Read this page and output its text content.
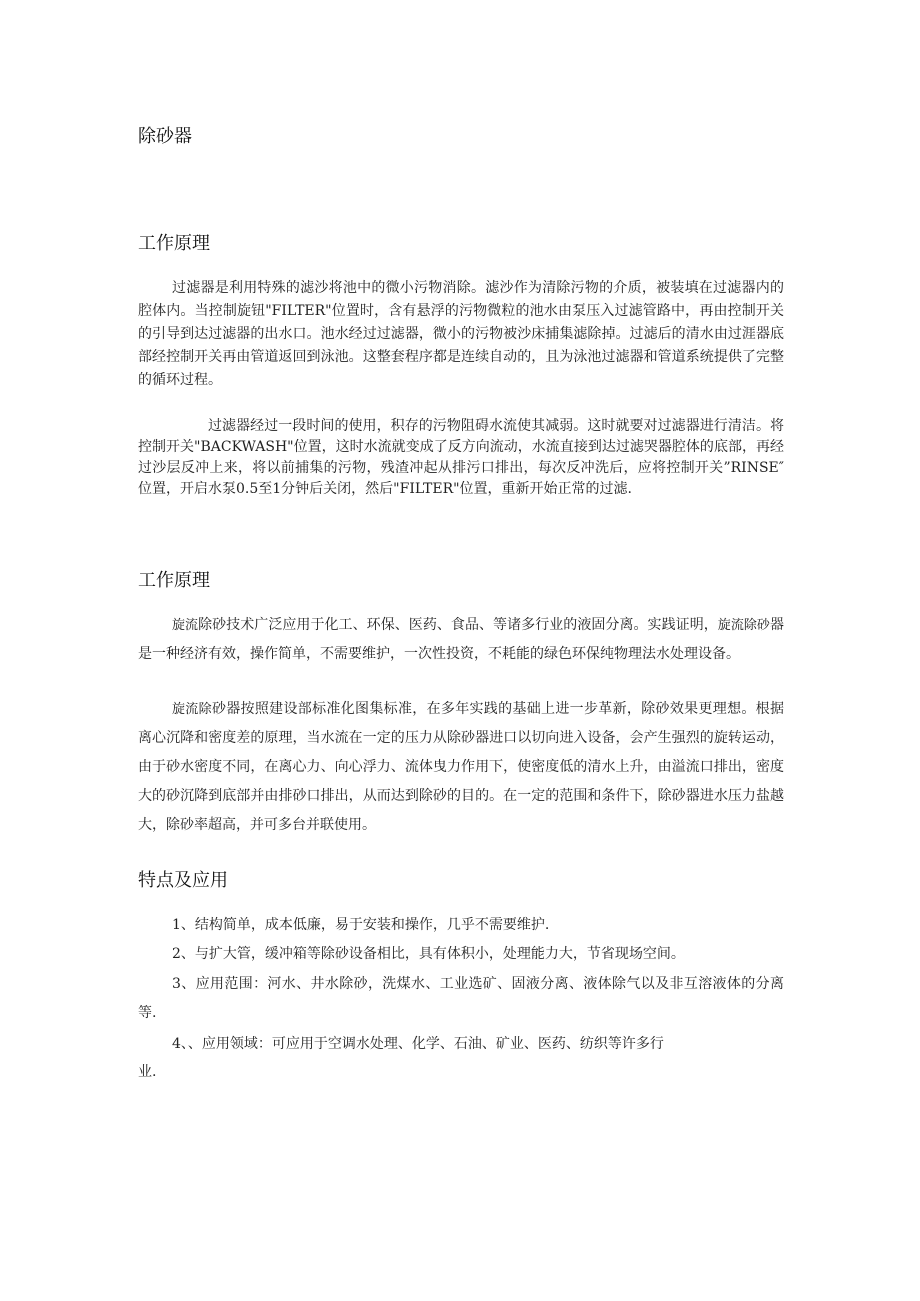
除砂器
工作原理

过滤器是利用特殊的滤沙将池中的微小污物消除。滤沙作为清除污物的介质，被装填在过滤器内的腔体内。当控制旋钮"FILTER"位置时，含有悬浮的污物微粒的池水由泵压入过滤管路中，再由控制开关的引导到达过滤器的出水口。池水经过过滤器，微小的污物被沙床捕集滤除掉。过滤后的清水由过涯器底部经控制开关再由管道返回到泳池。这整套程序都是连续自动的，且为泳池过滤器和管道系统提供了完整的循环过程。

过滤器经过一段时间的使用，积存的污物阻碍水流使其减弱。这时就要对过滤器进行清洁。将控制开关"BACKWASH"位置，这时水流就变成了反方向流动，水流直接到达过滤哭器腔体的底部，再经过沙层反冲上来，将以前捕集的污物，残渣冲起从排污口排出，每次反冲洗后，应将控制开关”RINSE″位置，开启水泵0.5至1分钟后关闭，然后"FILTER"位置，重新开始正常的过滤.

工作原理

旋流除砂技术广泛应用于化工、环保、医药、食品、等诸多行业的液固分离。实践证明，旋流除砂器是一种经济有效，操作简单，不需要维护，一次性投资，不耗能的绿色环保纯物理法水处理设备。

旋流除砂器按照建设部标准化图集标准，在多年实践的基础上进一步革新，除砂效果更理想。根据离心沉降和密度差的原理，当水流在一定的压力从除砂器进口以切向进入设备，会产生强烈的旋转运动，由于砂水密度不同，在离心力、向心浮力、流体曳力作用下，使密度低的清水上升，由溢流口排出，密度大的砂沉降到底部并由排砂口排出，从而达到除砂的目的。在一定的范围和条件下，除砂器进水压力盐越大，除砂率超高，并可多台并联使用。

特点及应用

1、结构简单，成本低廉，易于安装和操作，几乎不需要维护.

2、与扩大管，缓冲箱等除砂设备相比，具有体积小，处理能力大，节省现场空间。

3、应用范围：河水、井水除砂，洗煤水、工业选矿、固液分离、液体除气以及非互溶液体的分离等.

4、、应用领域：可应用于空调水处理、化学、石油、矿业、医药、纺织等许多行

业.
